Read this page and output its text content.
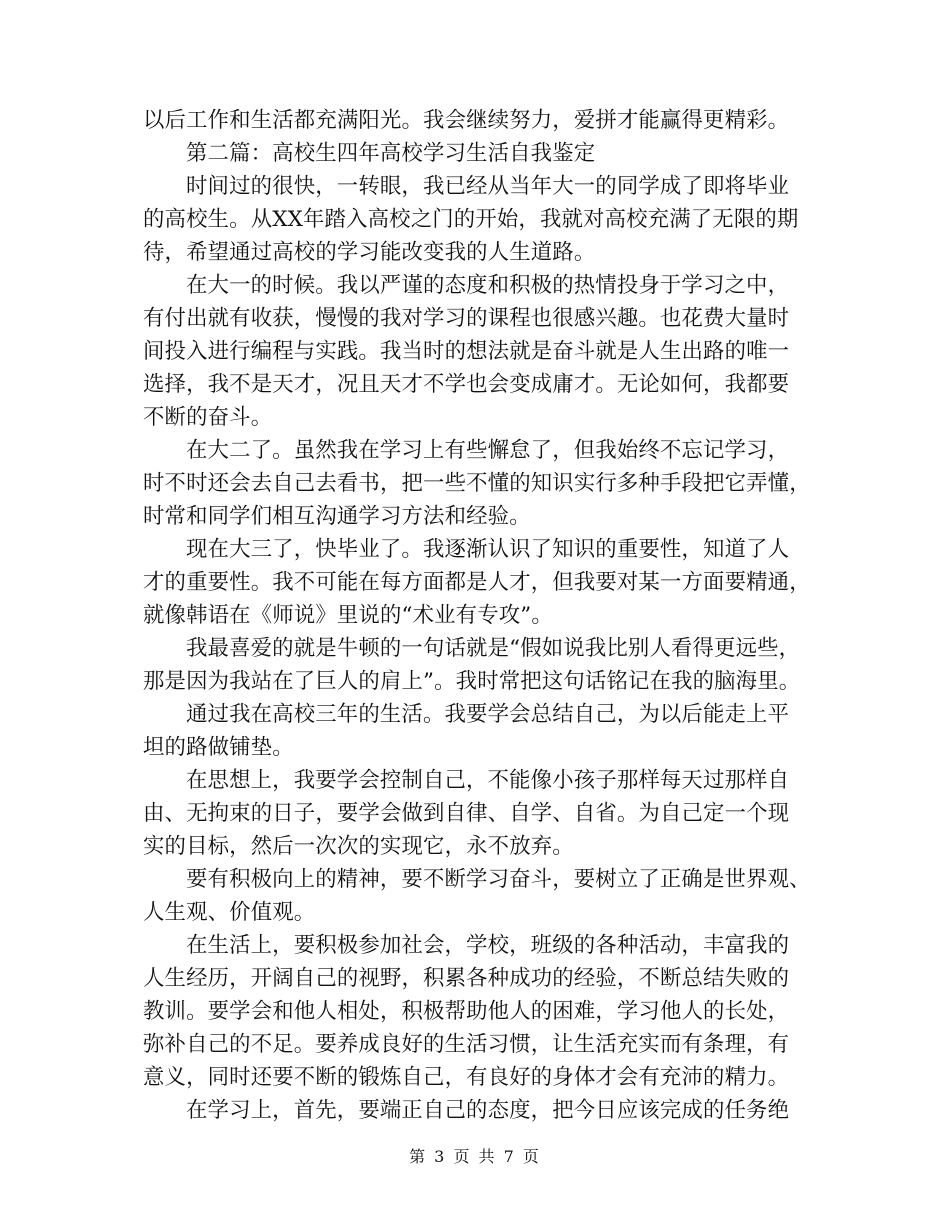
以后工作和生活都充满阳光。我会继续努力，爱拼才能赢得更精彩。
第二篇：高校生四年高校学习生活自我鉴定
时间过的很快，一转眼，我已经从当年大一的同学成了即将毕业
的高校生。从XX年踏入高校之门的开始，我就对高校充满了无限的期
待，希望通过高校的学习能改变我的人生道路。
在大一的时候。我以严谨的态度和积极的热情投身于学习之中，
有付出就有收获，慢慢的我对学习的课程也很感兴趣。也花费大量时
间投入进行编程与实践。我当时的想法就是奋斗就是人生出路的唯一
选择，我不是天才，况且天才不学也会变成庸才。无论如何，我都要
不断的奋斗。
在大二了。虽然我在学习上有些懈怠了，但我始终不忘记学习，
时不时还会去自己去看书，把一些不懂的知识实行多种手段把它弄懂，
时常和同学们相互沟通学习方法和经验。
现在大三了，快毕业了。我逐渐认识了知识的重要性，知道了人
才的重要性。我不可能在每方面都是人才，但我要对某一方面要精通，
就像韩语在《师说》里说的“术业有专攻”。
我最喜爱的就是牛顿的一句话就是“假如说我比别人看得更远些，
那是因为我站在了巨人的肩上”。我时常把这句话铭记在我的脑海里。
通过我在高校三年的生活。我要学会总结自己，为以后能走上平
坦的路做铺垫。
在思想上，我要学会控制自己，不能像小孩子那样每天过那样自
由、无拘束的日子，要学会做到自律、自学、自省。为自己定一个现
实的目标，然后一次次的实现它，永不放弃。
要有积极向上的精神，要不断学习奋斗，要树立了正确是世界观、
人生观、价值观。
在生活上，要积极参加社会，学校，班级的各种活动，丰富我的
人生经历，开阔自己的视野，积累各种成功的经验，不断总结失败的
教训。要学会和他人相处，积极帮助他人的困难，学习他人的长处，
弥补自己的不足。要养成良好的生活习惯，让生活充实而有条理，有
意义，同时还要不断的锻炼自己，有良好的身体才会有充沛的精力。
在学习上，首先，要端正自己的态度，把今日应该完成的任务绝
第 3 页 共 7 页
